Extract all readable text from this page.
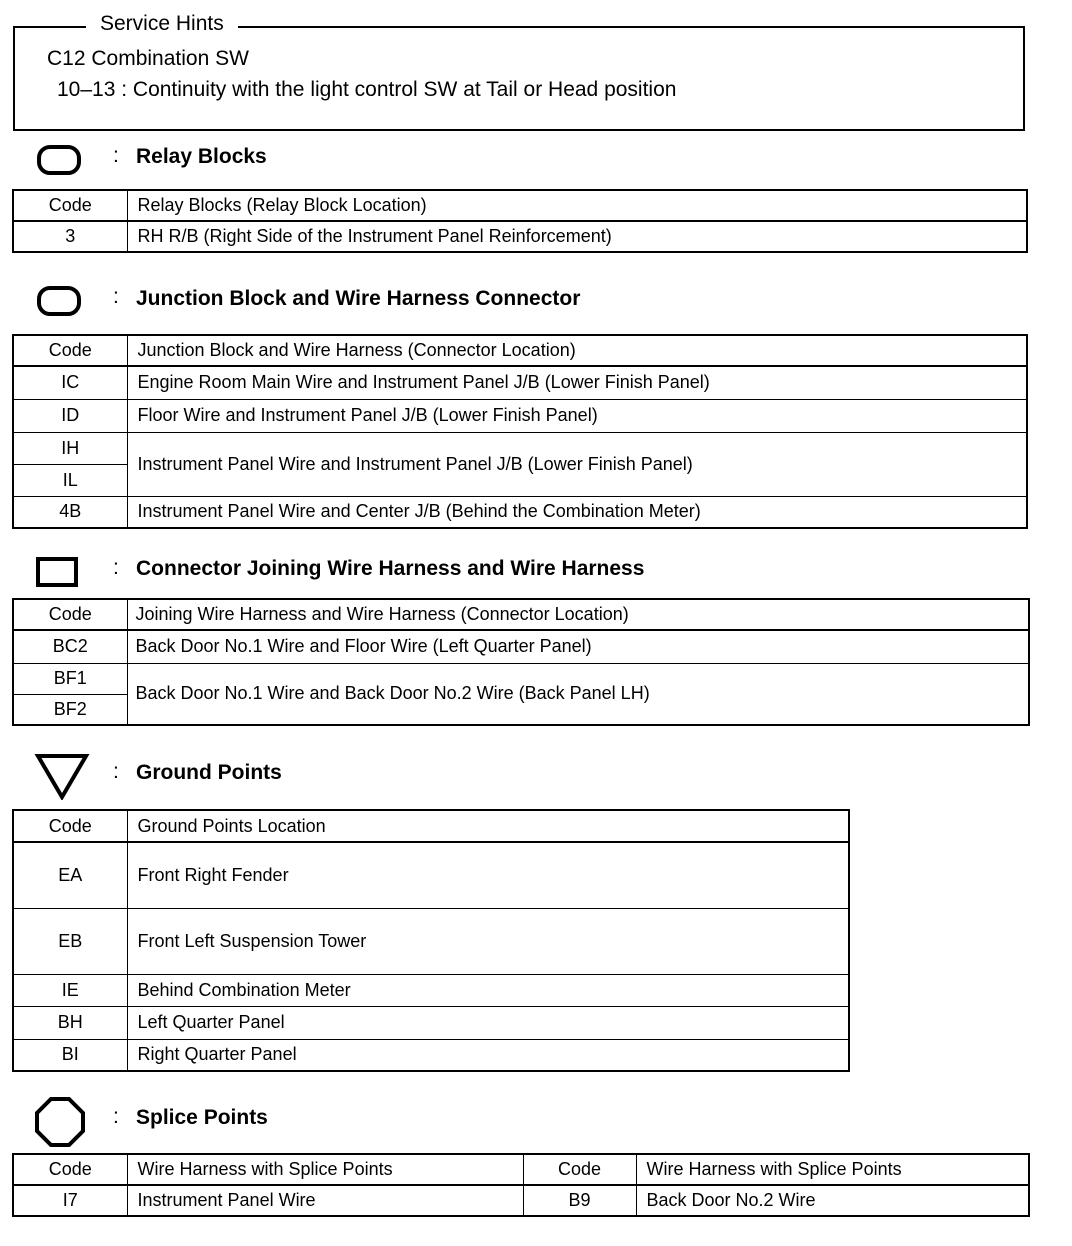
Service Hints
C12 Combination SW
10–13 : Continuity with the light control SW at Tail or Head position
: Relay Blocks
Code	Relay Blocks (Relay Block Location)
3	RH R/B (Right Side of the Instrument Panel Reinforcement)
: Junction Block and Wire Harness Connector
Code	Junction Block and Wire Harness (Connector Location)
IC	Engine Room Main Wire and Instrument Panel J/B (Lower Finish Panel)
ID	Floor Wire and Instrument Panel J/B (Lower Finish Panel)
IH	Instrument Panel Wire and Instrument Panel J/B (Lower Finish Panel)
IL	
4B	Instrument Panel Wire and Center J/B (Behind the Combination Meter)
: Connector Joining Wire Harness and Wire Harness
Code	Joining Wire Harness and Wire Harness (Connector Location)
BC2	Back Door No.1 Wire and Floor Wire (Left Quarter Panel)
BF1	Back Door No.1 Wire and Back Door No.2 Wire (Back Panel LH)
BF2	
: Ground Points
Code	Ground Points Location
EA	Front Right Fender
EB	Front Left Suspension Tower
IE	Behind Combination Meter
BH	Left Quarter Panel
BI	Right Quarter Panel
: Splice Points
Code	Wire Harness with Splice Points	Code	Wire Harness with Splice Points
I7	Instrument Panel Wire	B9	Back Door No.2 Wire
